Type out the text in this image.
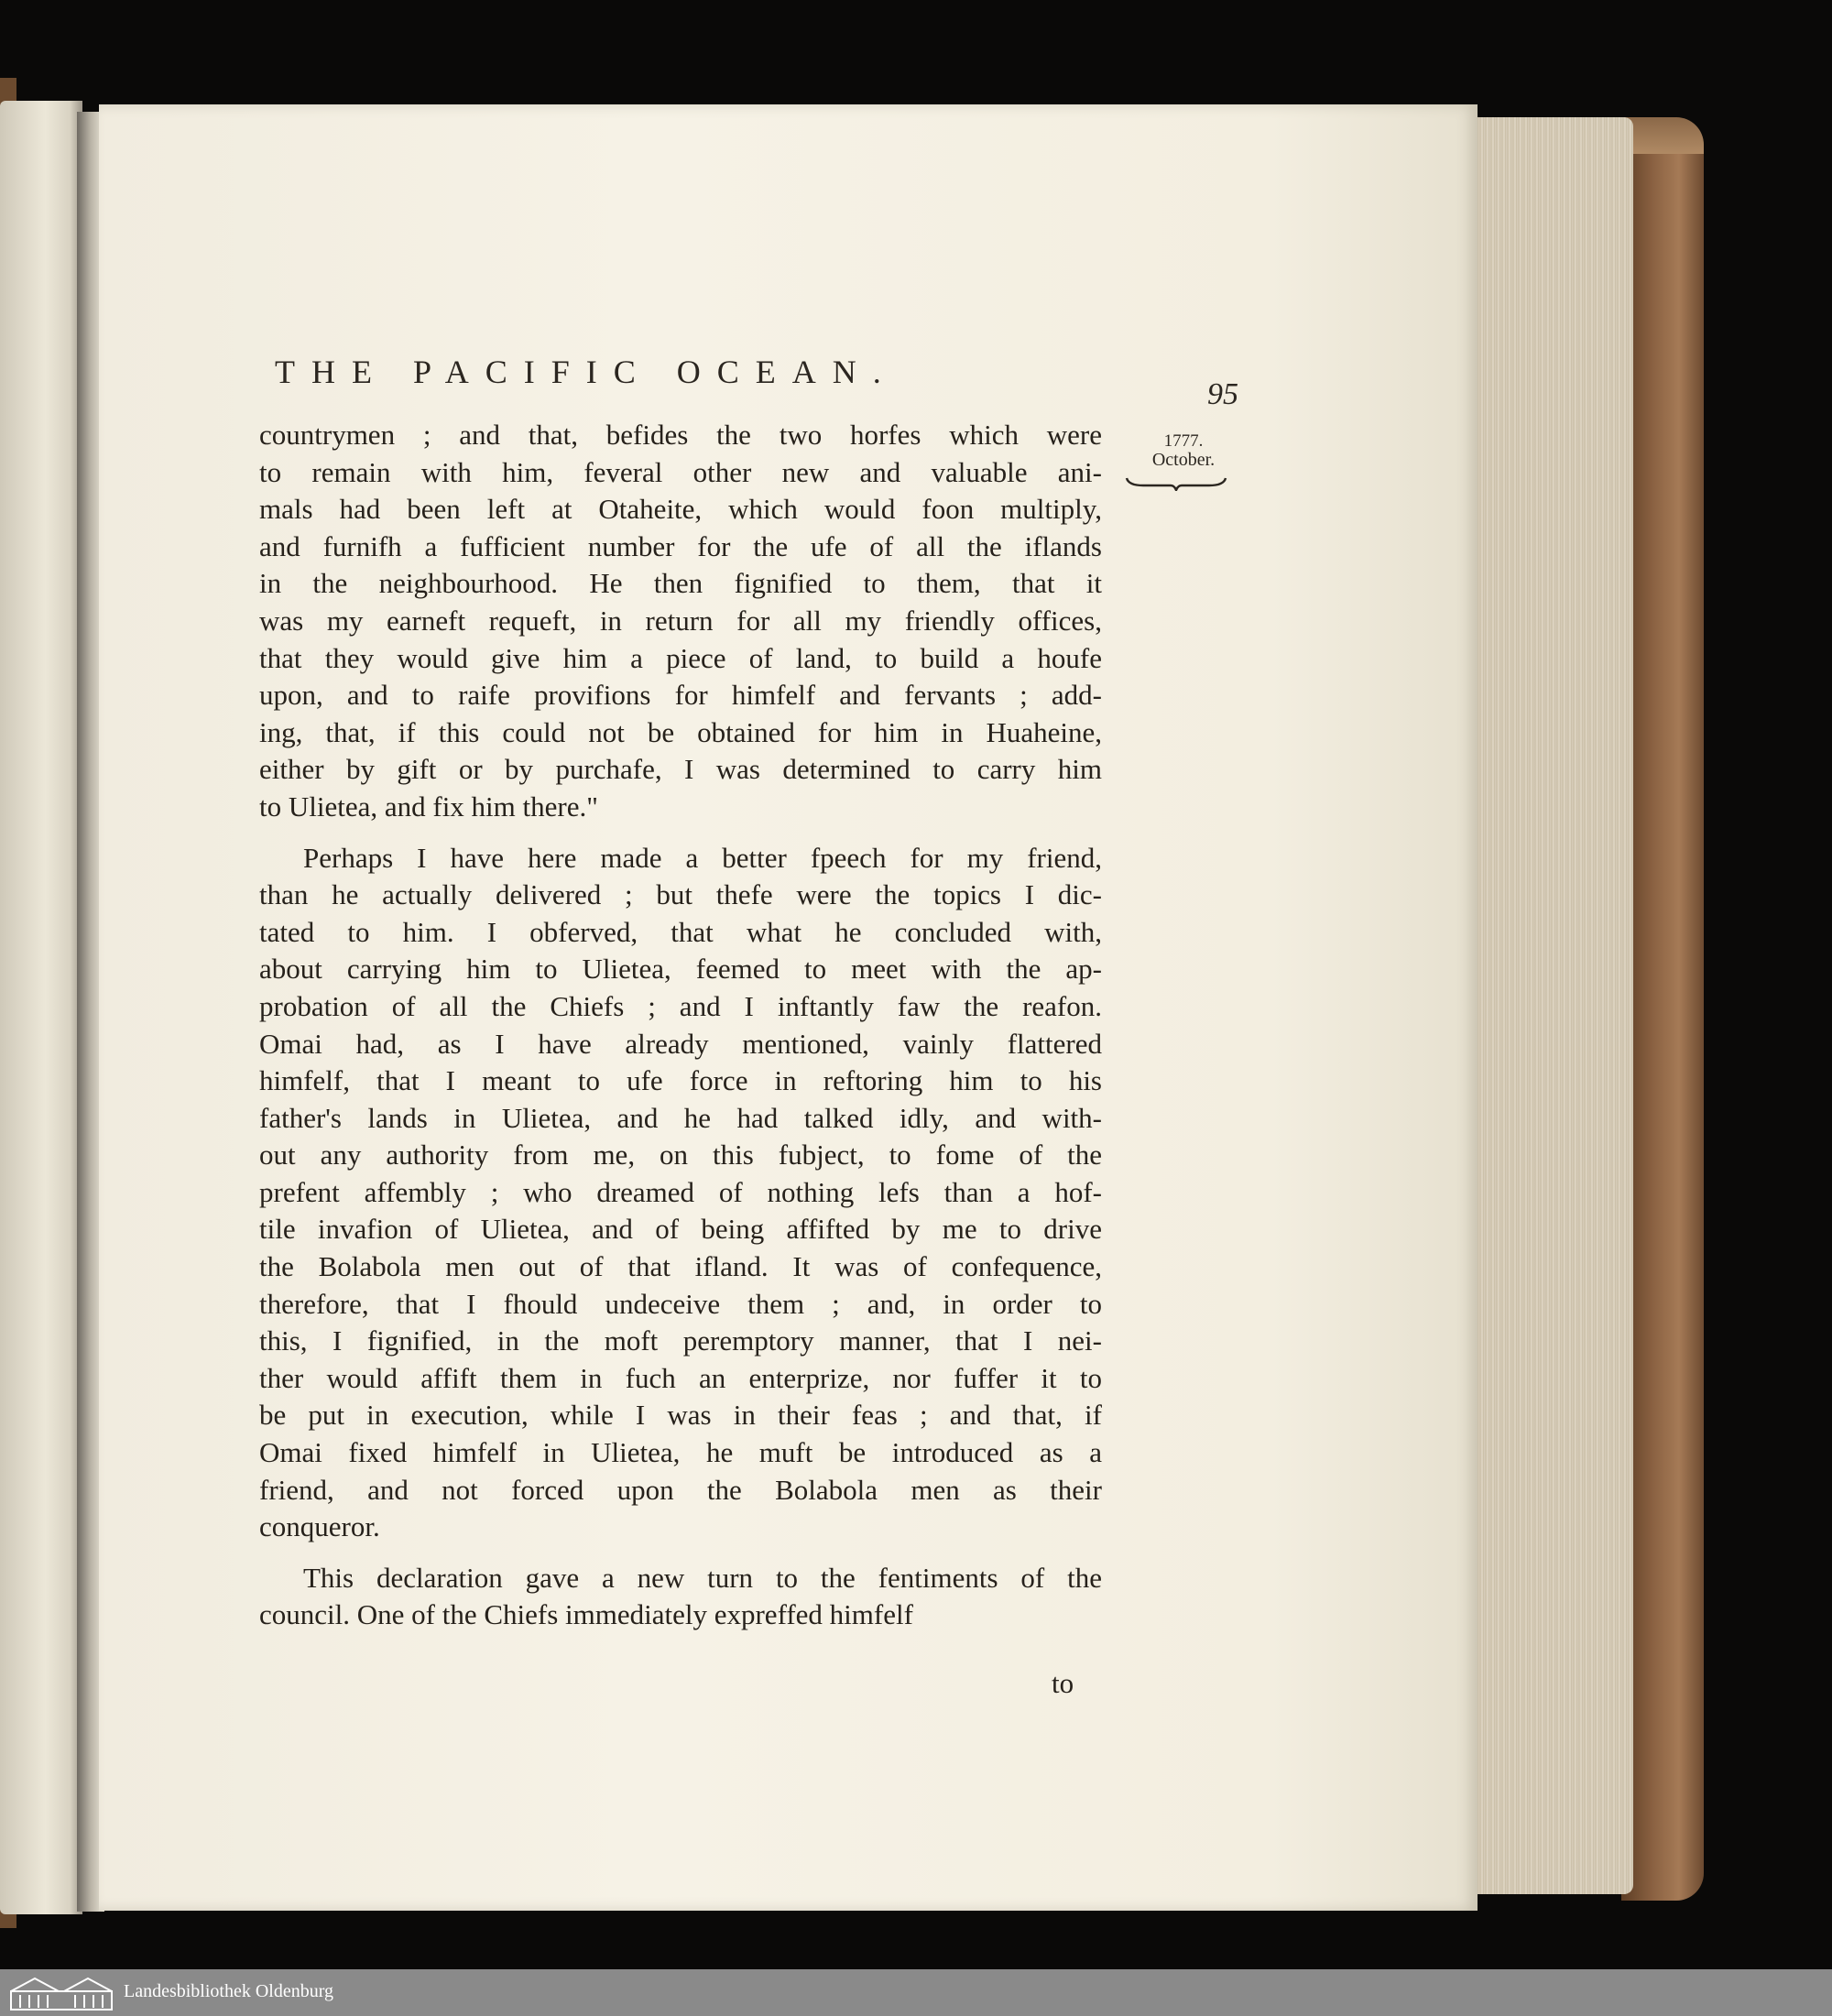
THE PACIFIC OCEAN.
95
1777.
October.
countrymen ; and that, befides the two horfes which were
to remain with him, feveral other new and valuable ani-
mals had been left at Otaheite, which would foon multiply,
and furnifh a fufficient number for the ufe of all the iflands
in the neighbourhood. He then fignified to them, that it
was my earneft requeft, in return for all my friendly offices,
that they would give him a piece of land, to build a houfe
upon, and to raife provifions for himfelf and fervants ; add-
ing, that, if this could not be obtained for him in Huaheine,
either by gift or by purchafe, I was determined to carry him
to Ulietea, and fix him there."
Perhaps I have here made a better fpeech for my friend,
than he actually delivered ; but thefe were the topics I dic-
tated to him. I obferved, that what he concluded with,
about carrying him to Ulietea, feemed to meet with the ap-
probation of all the Chiefs ; and I inftantly faw the reafon.
Omai had, as I have already mentioned, vainly flattered
himfelf, that I meant to ufe force in reftoring him to his
father's lands in Ulietea, and he had talked idly, and with-
out any authority from me, on this fubject, to fome of the
prefent affembly ; who dreamed of nothing lefs than a hof-
tile invafion of Ulietea, and of being affifted by me to drive
the Bolabola men out of that ifland. It was of confequence,
therefore, that I fhould undeceive them ; and, in order to
this, I fignified, in the moft peremptory manner, that I nei-
ther would affift them in fuch an enterprize, nor fuffer it to
be put in execution, while I was in their feas ; and that, if
Omai fixed himfelf in Ulietea, he muft be introduced as a
friend, and not forced upon the Bolabola men as their
conqueror.
This declaration gave a new turn to the fentiments of the
council. One of the Chiefs immediately expreffed himfelf
to
Landesbibliothek Oldenburg
